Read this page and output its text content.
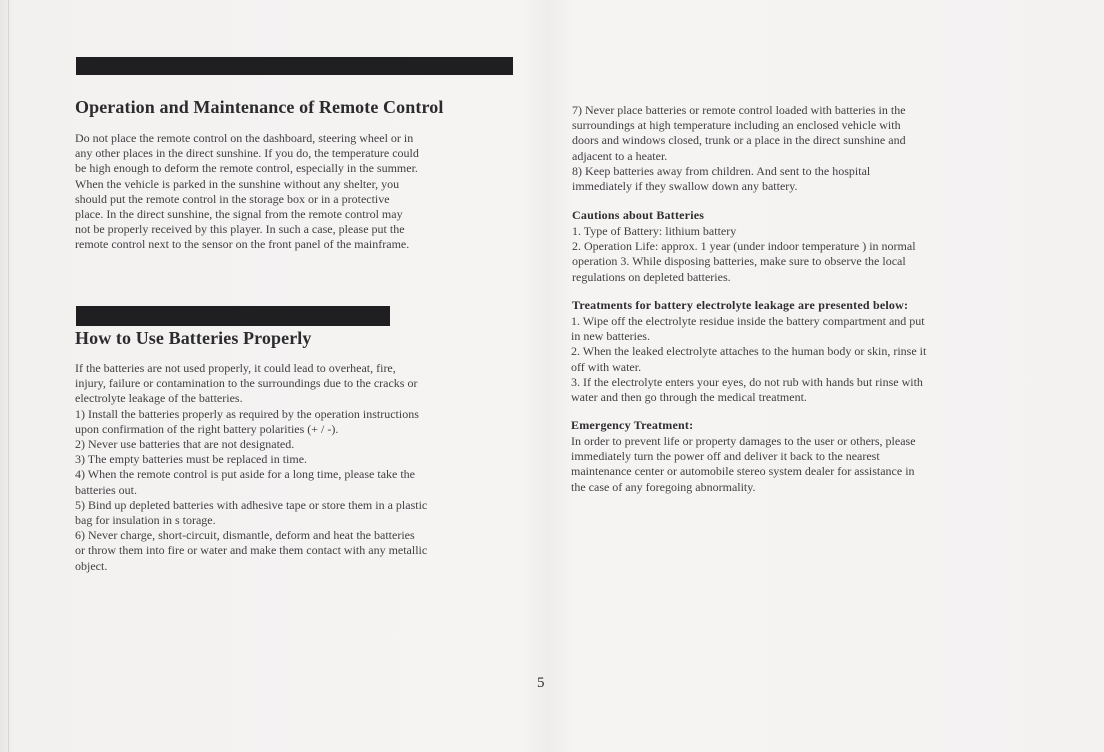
Operation and Maintenance of Remote Control
Do not place the remote control on the dashboard, steering wheel or in
any other places in the direct sunshine. If you do, the temperature could
be high enough to deform the remote control, especially in the summer.
When the vehicle is parked in the sunshine without any shelter, you
should put the remote control in the storage box or in a protective
place. In the direct sunshine, the signal from the remote control may
not be properly received by this player. In such a case, please put the
remote control next to the sensor on the front panel of the mainframe.
How to Use Batteries Properly
If the batteries are not used properly, it could lead to overheat, fire,
injury, failure or contamination to the surroundings due to the cracks or
electrolyte leakage of the batteries.
1) Install the batteries properly as required by the operation instructions
upon confirmation of the right battery polarities (+ / -).
2) Never use batteries that are not designated.
3) The empty batteries must be replaced in time.
4) When the remote control is put aside for a long time, please take the
batteries out.
5) Bind up depleted batteries with adhesive tape or store them in a plastic
bag for insulation in s torage.
6) Never charge, short-circuit, dismantle, deform and heat the batteries
or throw them into fire or water and make them contact with any metallic
object.
7) Never place batteries or remote control loaded with batteries in the
surroundings at high temperature including an enclosed vehicle with
doors and windows closed, trunk or a place in the direct sunshine and
adjacent to a heater.
8) Keep batteries away from children. And sent to the hospital
immediately if they swallow down any battery.
Cautions about Batteries
1. Type of Battery: lithium battery
2. Operation Life: approx. 1 year (under indoor temperature ) in normal
operation 3. While disposing batteries, make sure to observe the local
regulations on depleted batteries.
Treatments for battery electrolyte leakage are presented below:
1. Wipe off the electrolyte residue inside the battery compartment and put
in new batteries.
2. When the leaked electrolyte attaches to the human body or skin, rinse it
off with water.
3. If the electrolyte enters your eyes, do not rub with hands but rinse with
water and then go through the medical treatment.
Emergency Treatment:
In order to prevent life or property damages to the user or others, please
immediately turn the power off and deliver it back to the nearest
maintenance center or automobile stereo system dealer for assistance in
the case of any foregoing abnormality.
5
